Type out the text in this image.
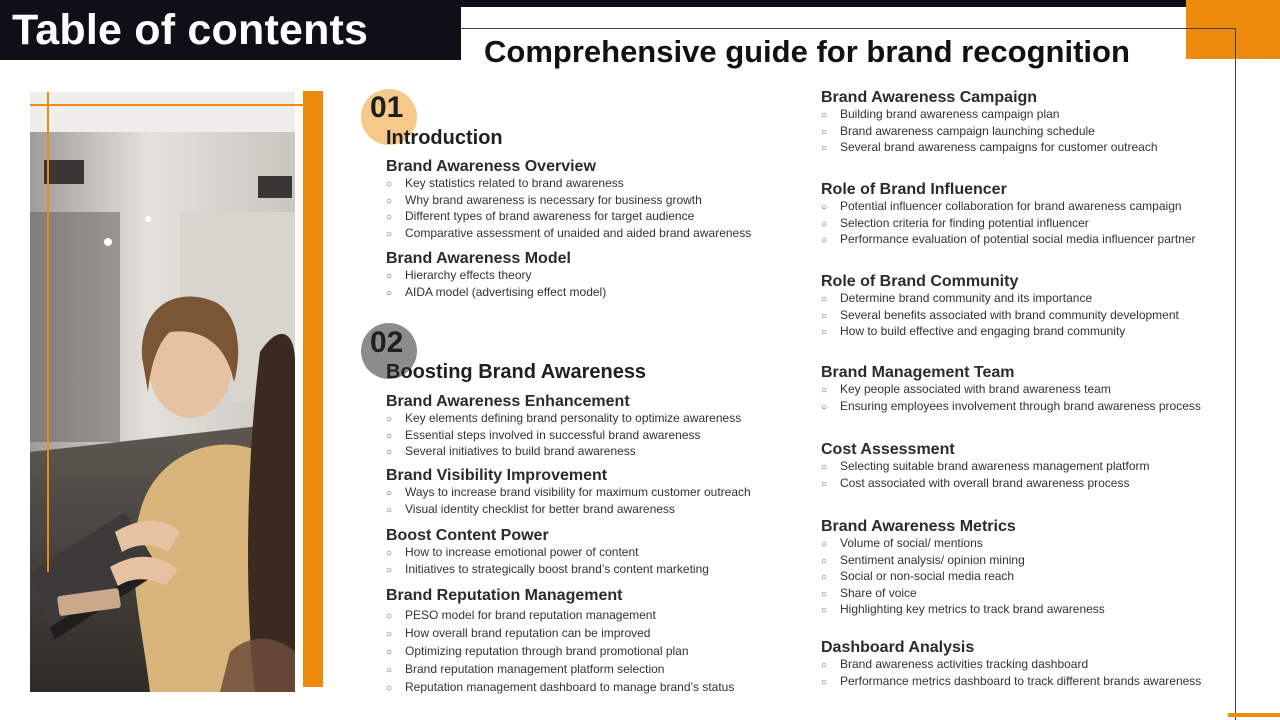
Table of contents	Comprehensive guide for brand recognition
01
Introduction
Brand Awareness Overview
○ Key statistics related to brand awareness
○ Why brand awareness is necessary for business growth
○ Different types of brand awareness for target audience
○ Comparative assessment of unaided and aided brand awareness
Brand Awareness Model
○ Hierarchy effects theory
○ AIDA model (advertising effect model)
02
Boosting Brand Awareness
Brand Awareness Enhancement
○ Key elements defining brand personality to optimize awareness
○ Essential steps involved in successful brand awareness
○ Several initiatives to build brand awareness
Brand Visibility Improvement
○ Ways to increase brand visibility for maximum customer outreach
○ Visual identity checklist for better brand awareness
Boost Content Power
○ How to increase emotional power of content
○ Initiatives to strategically boost brand’s content marketing
Brand Reputation Management
○ PESO model for brand reputation management
○ How overall brand reputation can be improved
○ Optimizing reputation through brand promotional plan
○ Brand reputation management platform selection
○ Reputation management dashboard to manage brand’s status
Brand Awareness Campaign
○ Building brand awareness campaign plan
○ Brand awareness campaign launching schedule
○ Several brand awareness campaigns for customer outreach
Role of Brand Influencer
○ Potential influencer collaboration for brand awareness campaign
○ Selection criteria for finding potential influencer
○ Performance evaluation of potential social media influencer partner
Role of Brand Community
○ Determine brand community and its importance
○ Several benefits associated with brand community development
○ How to build effective and engaging brand community
Brand Management Team
○ Key people associated with brand awareness team
○ Ensuring employees involvement through brand awareness process
Cost Assessment
○ Selecting suitable brand awareness management platform
○ Cost associated with overall brand awareness process
Brand Awareness Metrics
○ Volume of social/ mentions
○ Sentiment analysis/ opinion mining
○ Social or non-social media reach
○ Share of voice
○ Highlighting key metrics to track brand awareness
Dashboard Analysis
○ Brand awareness activities tracking dashboard
○ Performance metrics dashboard to track different brands awareness
